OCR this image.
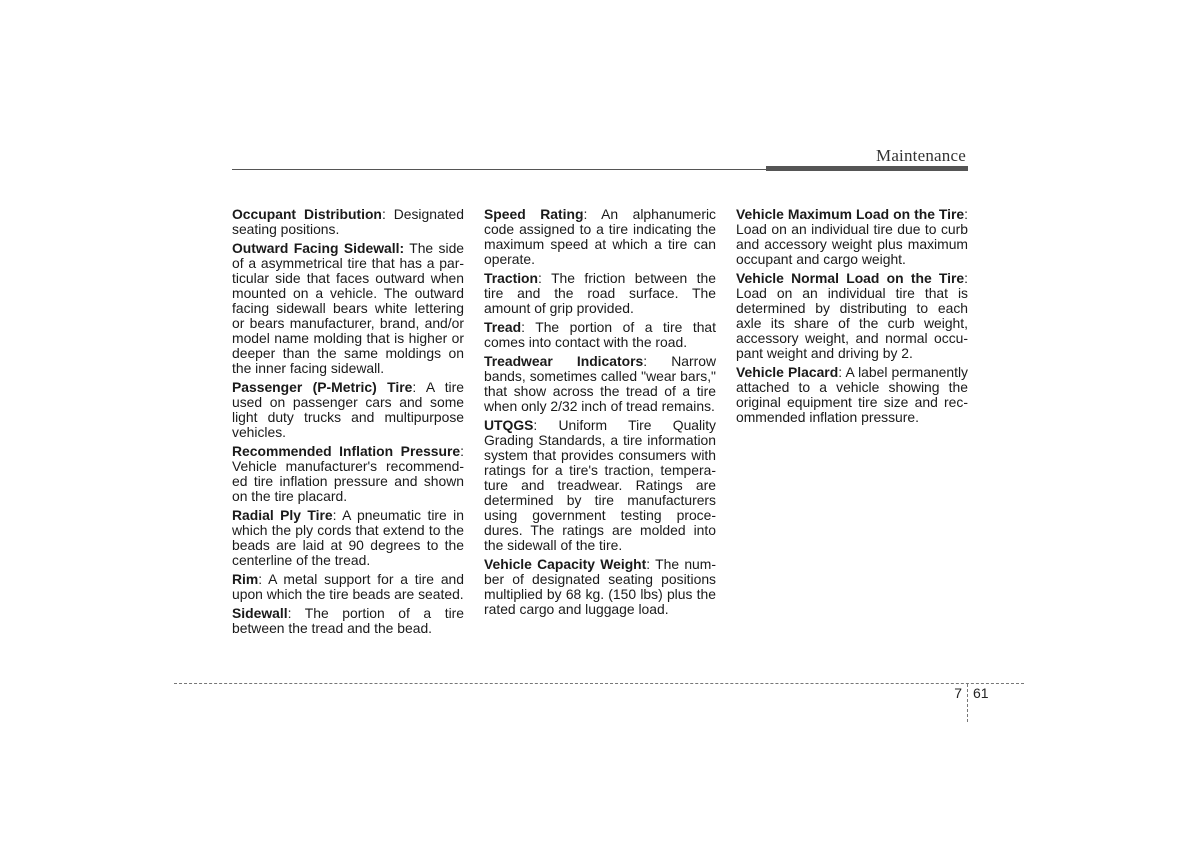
Maintenance

Occupant Distribution: Designated seating positions.

Outward Facing Sidewall: The side of a asymmetrical tire that has a particular side that faces outward when mounted on a vehicle. The outward facing sidewall bears white lettering or bears manufacturer, brand, and/or model name molding that is higher or deeper than the same moldings on the inner facing sidewall.

Passenger (P-Metric) Tire: A tire used on passenger cars and some light duty trucks and multipurpose vehicles.

Recommended Inflation Pressure: Vehicle manufacturer's recommended tire inflation pressure and shown on the tire placard.

Radial Ply Tire: A pneumatic tire in which the ply cords that extend to the beads are laid at 90 degrees to the centerline of the tread.

Rim: A metal support for a tire and upon which the tire beads are seated.

Sidewall: The portion of a tire between the tread and the bead.

Speed Rating: An alphanumeric code assigned to a tire indicating the maximum speed at which a tire can operate.

Traction: The friction between the tire and the road surface. The amount of grip provided.

Tread: The portion of a tire that comes into contact with the road.

Treadwear Indicators: Narrow bands, sometimes called "wear bars," that show across the tread of a tire when only 2/32 inch of tread remains.

UTQGS: Uniform Tire Quality Grading Standards, a tire information system that provides consumers with ratings for a tire's traction, temperature and treadwear. Ratings are determined by tire manufacturers using government testing procedures. The ratings are molded into the sidewall of the tire.

Vehicle Capacity Weight: The number of designated seating positions multiplied by 68 kg. (150 lbs) plus the rated cargo and luggage load.

Vehicle Maximum Load on the Tire: Load on an individual tire due to curb and accessory weight plus maximum occupant and cargo weight.

Vehicle Normal Load on the Tire: Load on an individual tire that is determined by distributing to each axle its share of the curb weight, accessory weight, and normal occupant weight and driving by 2.

Vehicle Placard: A label permanently attached to a vehicle showing the original equipment tire size and recommended inflation pressure.

7 61
